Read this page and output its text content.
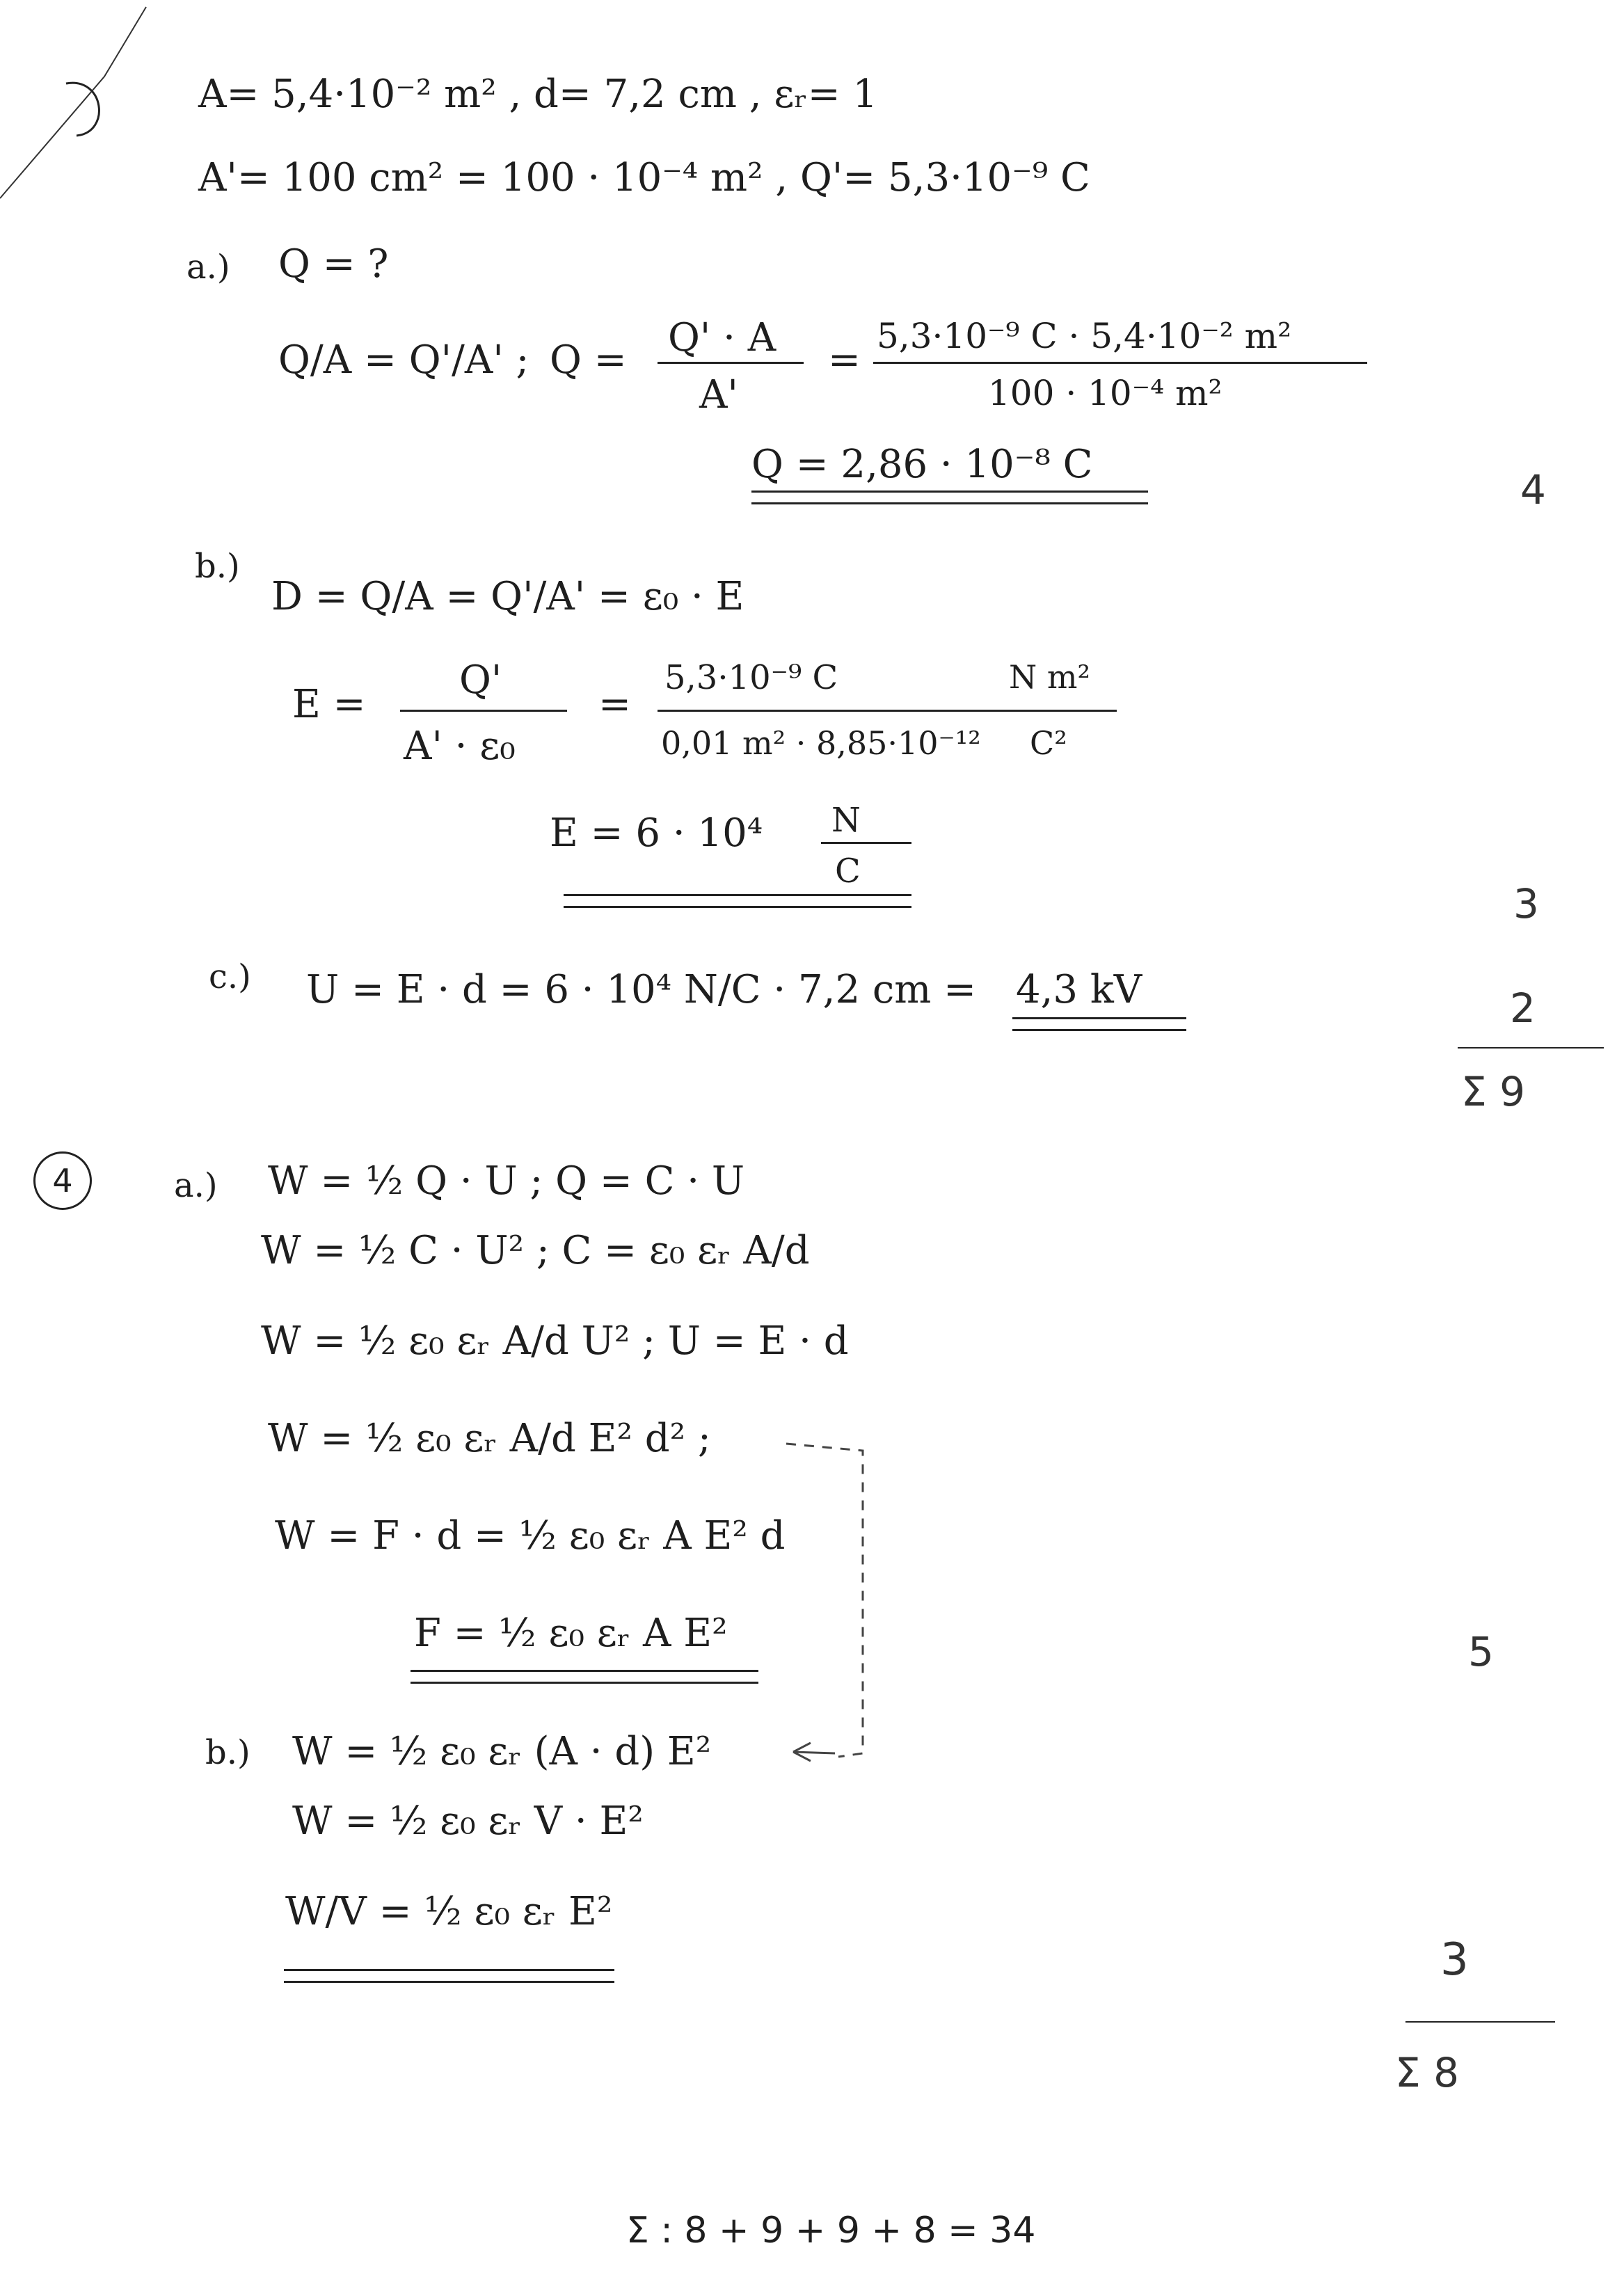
A= 5,4·10⁻² m² , d= 7,2 cm , εᵣ= 1
A'= 100 cm² = 100 · 10⁻⁴ m² , Q'= 5,3·10⁻⁹ C
a.) Q = ?
Q/A = Q'/A' ; Q = Q' · A
A'
=
5,3·10⁻⁹ C · 5,4·10⁻² m²
100 · 10⁻⁴ m²
Q = 2,86 · 10⁻⁸ C
4
b.)
D = Q/A = Q'/A' = ε₀ · E
E =
Q'
A' · ε₀
=
5,3·10⁻⁹ C	N m²
0,01 m² · 8,85·10⁻¹² C²
E = 6 · 10⁴ N
C
3
c.) U = E · d = 6 · 10⁴ N/C · 7,2 cm = 4,3 kV	2
Σ 9
4	a.) W = ½ Q · U ; Q = C · U
W = ½ C · U² ; C = ε₀ εᵣ A/d
W = ½ ε₀ εᵣ A/d U² ; U = E · d
W = ½ ε₀ εᵣ A/d E² d² ;
W = F · d = ½ ε₀ εᵣ A E² d
F = ½ ε₀ εᵣ A E²	5
b.) W = ½ ε₀ εᵣ (A · d) E²
W = ½ ε₀ εᵣ V · E²
W/V = ½ ε₀ εᵣ E²
3
Σ 8
Σ : 8 + 9 + 9 + 8 = 34
